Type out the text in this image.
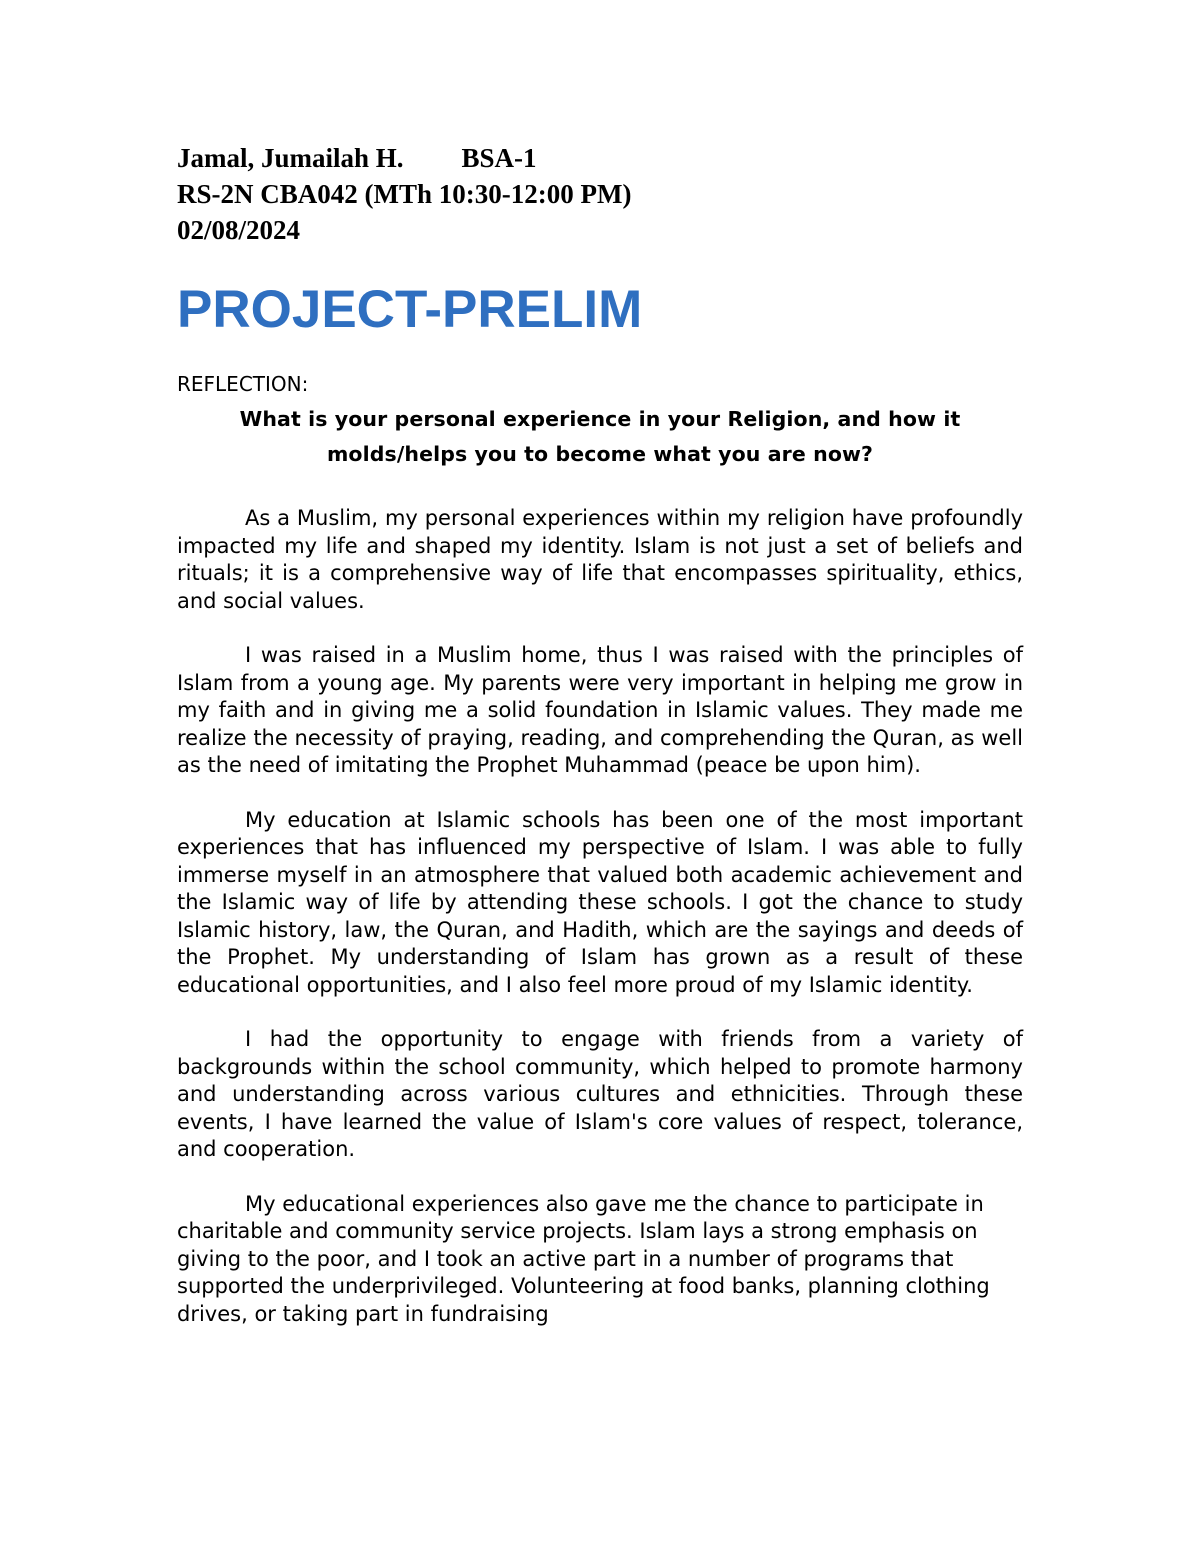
Jamal, Jumailah H. BSA-1

RS-2N CBA042 (MTh 10:30-12:00 PM)

02/08/2024

PROJECT-PRELIM

REFLECTION:

What is your personal experience in your Religion, and how it
molds/helps you to become what you are now?

As a Muslim, my personal experiences within my religion have profoundly impacted my life and shaped my identity. Islam is not just a set of beliefs and rituals; it is a comprehensive way of life that encompasses spirituality, ethics, and social values.

I was raised in a Muslim home, thus I was raised with the principles of Islam from a young age. My parents were very important in helping me grow in my faith and in giving me a solid foundation in Islamic values. They made me realize the necessity of praying, reading, and comprehending the Quran, as well as the need of imitating the Prophet Muhammad (peace be upon him).

My education at Islamic schools has been one of the most important experiences that has influenced my perspective of Islam. I was able to fully immerse myself in an atmosphere that valued both academic achievement and the Islamic way of life by attending these schools. I got the chance to study Islamic history, law, the Quran, and Hadith, which are the sayings and deeds of the Prophet. My understanding of Islam has grown as a result of these educational opportunities, and I also feel more proud of my Islamic identity.

I had the opportunity to engage with friends from a variety of backgrounds within the school community, which helped to promote harmony and understanding across various cultures and ethnicities. Through these events, I have learned the value of Islam's core values of respect, tolerance, and cooperation.

My educational experiences also gave me the chance to participate in charitable and community service projects. Islam lays a strong emphasis on giving to the poor, and I took an active part in a number of programs that supported the underprivileged. Volunteering at food banks, planning clothing drives, or taking part in fundraising
